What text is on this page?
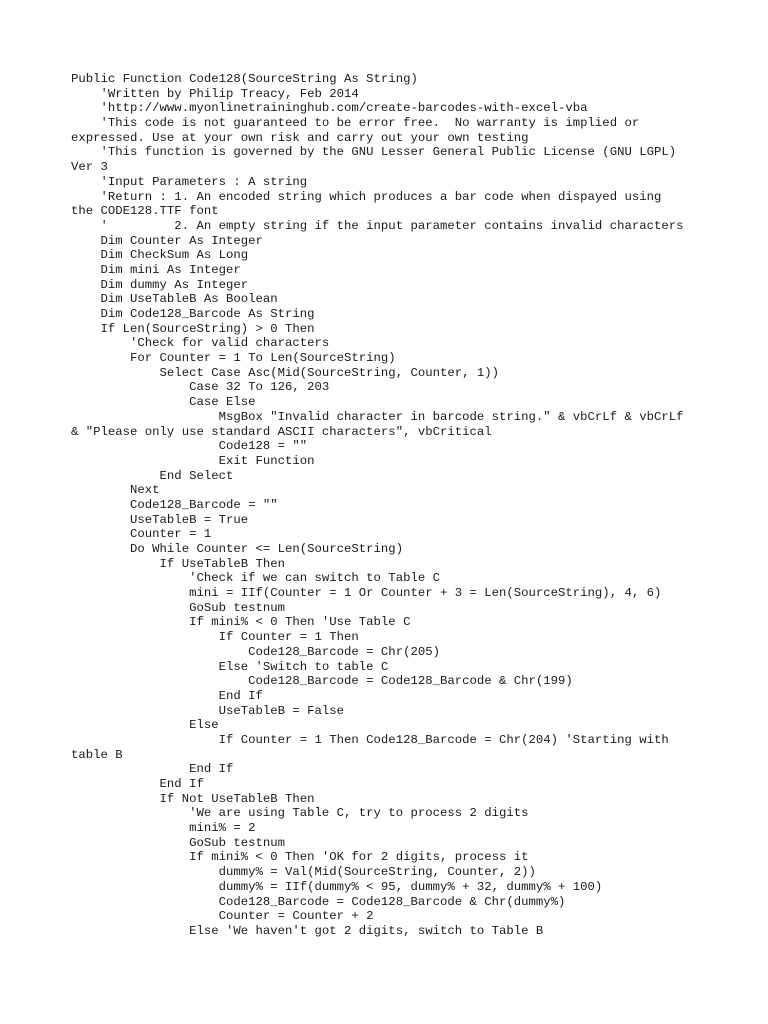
Public Function Code128(SourceString As String)
'Written by Philip Treacy, Feb 2014
'http://www.myonlinetraininghub.com/create-barcodes-with-excel-vba
'This code is not guaranteed to be error free.  No warranty is implied or
expressed. Use at your own risk and carry out your own testing
'This function is governed by the GNU Lesser General Public License (GNU LGPL)
Ver 3
'Input Parameters : A string
'Return : 1. An encoded string which produces a bar code when dispayed using
the CODE128.TTF font
'         2. An empty string if the input parameter contains invalid characters
Dim Counter As Integer
Dim CheckSum As Long
Dim mini As Integer
Dim dummy As Integer
Dim UseTableB As Boolean
Dim Code128_Barcode As String
If Len(SourceString) > 0 Then
'Check for valid characters
For Counter = 1 To Len(SourceString)
Select Case Asc(Mid(SourceString, Counter, 1))
Case 32 To 126, 203
Case Else
MsgBox "Invalid character in barcode string." & vbCrLf & vbCrLf
& "Please only use standard ASCII characters", vbCritical
Code128 = ""
Exit Function
End Select
Next
Code128_Barcode = ""
UseTableB = True
Counter = 1
Do While Counter <= Len(SourceString)
If UseTableB Then
'Check if we can switch to Table C
mini = IIf(Counter = 1 Or Counter + 3 = Len(SourceString), 4, 6)
GoSub testnum
If mini% < 0 Then 'Use Table C
If Counter = 1 Then
Code128_Barcode = Chr(205)
Else 'Switch to table C
Code128_Barcode = Code128_Barcode & Chr(199)
End If
UseTableB = False
Else
If Counter = 1 Then Code128_Barcode = Chr(204) 'Starting with
table B
End If
End If
If Not UseTableB Then
'We are using Table C, try to process 2 digits
mini% = 2
GoSub testnum
If mini% < 0 Then 'OK for 2 digits, process it
dummy% = Val(Mid(SourceString, Counter, 2))
dummy% = IIf(dummy% < 95, dummy% + 32, dummy% + 100)
Code128_Barcode = Code128_Barcode & Chr(dummy%)
Counter = Counter + 2
Else 'We haven't got 2 digits, switch to Table B
